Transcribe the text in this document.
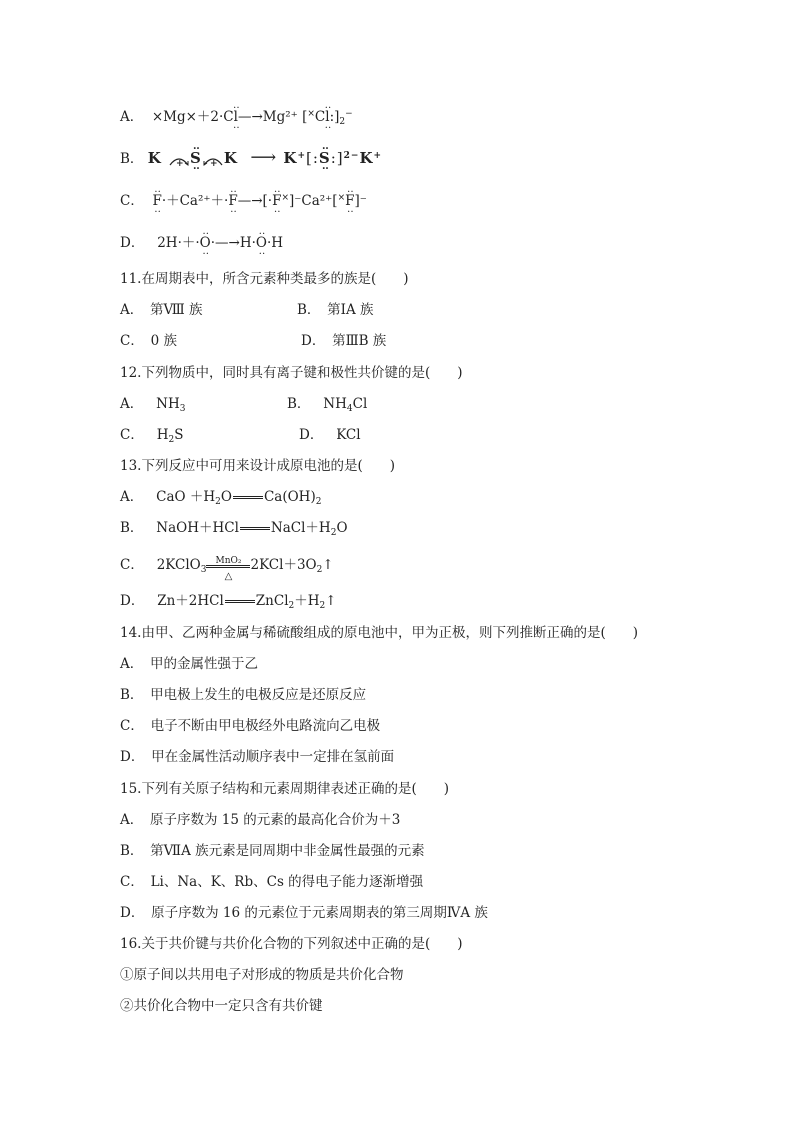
A． ×Mg×＋2·C‥ l ‥—→Mg²⁺ [×C‥ l $‥:]_2^-$
B． K + ‥ S ‥ + K ⟶ K+[:‥ S ‥:]$^{2-}$K+
C． ‥ F ‥·＋Ca²⁺＋·‥ F ‥—→[·‥ F ‥×]⁻Ca²⁺[×‥ F ‥]⁻
D． 2H·＋·‥ O ‥·—→H·‥ O ‥·H
11.在周期表中，所含元素种类最多的族是(　　)
A．　第Ⅷ 族	B．　第ⅠA 族
C．　0 族	D．　第ⅢB 族
12.下列物质中，同时具有离子键和极性共价键的是(　　)
A． $NH_3$	B． $NH_4Cl$
C． $H_2S$	D． KCl
13.下列反应中可用来设计成原电池的是(　　)
A． CaO $+H_2O$ $Ca(OH)_2$
B． NaOH＋HCl $NaCl+H_2O$
C． 2KClO$_3$
MnO₂
△
$2KCl+3O_2↑$
D． Zn＋2HCl $ZnCl_2+H_2↑$
14.由甲、乙两种金属与稀硫酸组成的原电池中，甲为正极，则下列推断正确的是(　　)
A．　甲的金属性强于乙
B．　甲电极上发生的电极反应是还原反应
C．　电子不断由甲电极经外电路流向乙电极
D．　甲在金属性活动顺序表中一定排在氢前面
15.下列有关原子结构和元素周期律表述正确的是(　　)
A．　原子序数为 15 的元素的最高化合价为＋3
B．　第ⅦA 族元素是同周期中非金属性最强的元素
C．　Li、Na、K、Rb、Cs 的得电子能力逐渐增强
D．　原子序数为 16 的元素位于元素周期表的第三周期ⅣA 族
16.关于共价键与共价化合物的下列叙述中正确的是(　　)
①原子间以共用电子对形成的物质是共价化合物
②共价化合物中一定只含有共价键
